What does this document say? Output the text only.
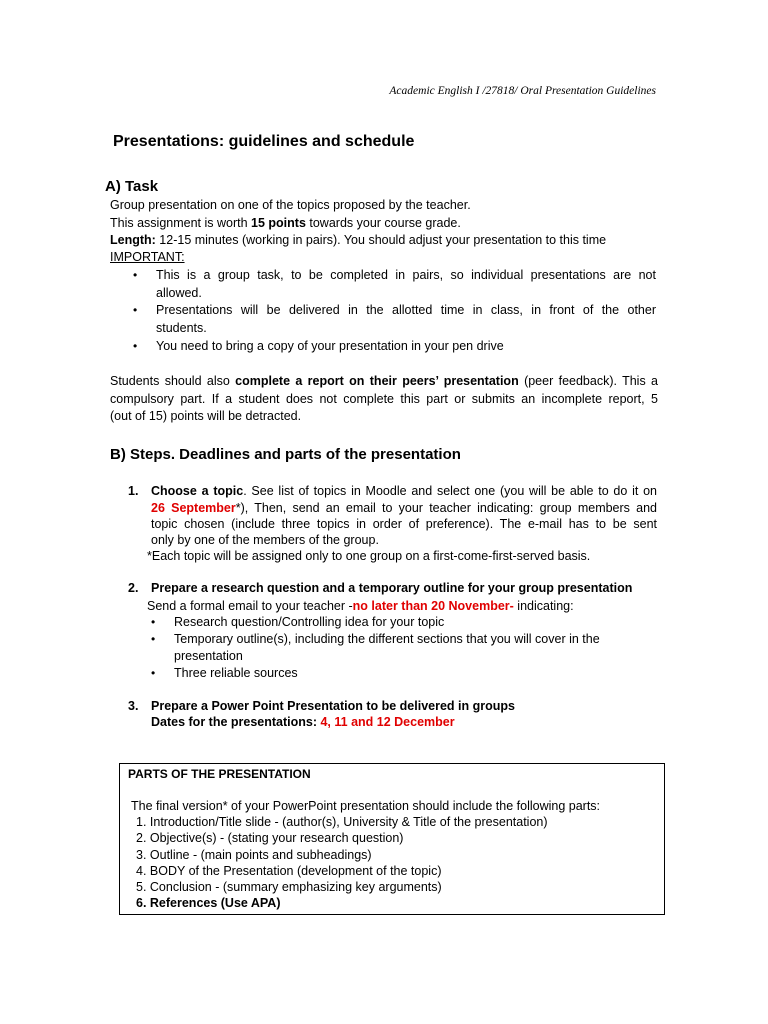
Academic English I /27818/ Oral Presentation Guidelines
Presentations: guidelines and schedule
A) Task
Group presentation on one of the topics proposed by the teacher.
This assignment is worth 15 points towards your course grade.
Length: 12-15 minutes (working in pairs). You should adjust your presentation to this time
IMPORTANT:
• This is a group task, to be completed in pairs, so individual presentations are not
allowed.
• Presentations will be delivered in the allotted time in class, in front of the other
students.
• You need to bring a copy of your presentation in your pen drive
Students should also complete a report on their peers’ presentation (peer feedback). This a
compulsory part. If a student does not complete this part or submits an incomplete report, 5
(out of 15) points will be detracted.
B) Steps. Deadlines and parts of the presentation
1. Choose a topic. See list of topics in Moodle and select one (you will be able to do it on
26 September*), Then, send an email to your teacher indicating: group members and
topic chosen (include three topics in order of preference). The e-mail has to be sent
only by one of the members of the group.
*Each topic will be assigned only to one group on a first-come-first-served basis.
2. Prepare a research question and a temporary outline for your group presentation
Send a formal email to your teacher -no later than 20 November- indicating:
• Research question/Controlling idea for your topic
• Temporary outline(s), including the different sections that you will cover in the
presentation
• Three reliable sources
3. Prepare a Power Point Presentation to be delivered in groups
Dates for the presentations: 4, 11 and 12 December
PARTS OF THE PRESENTATION
The final version* of your PowerPoint presentation should include the following parts:
1. Introduction/Title slide - (author(s), University & Title of the presentation)
2. Objective(s) - (stating your research question)
3. Outline - (main points and subheadings)
4. BODY of the Presentation (development of the topic)
5. Conclusion - (summary emphasizing key arguments)
6. References (Use APA)
